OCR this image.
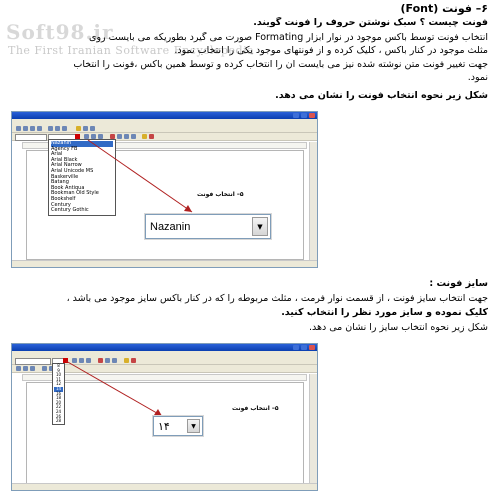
۶– فونت (Font)
Soft98.ir
The First Iranian Software Encyclopedia
فونت چیست ؟ سبک نوشتن حروف را فونت گویند.
انتخاب فونت توسط باکس موجود در نوار ابزار Formating صورت می گیرد بطوریکه می بایست روی
مثلث موجود در کنار باکس ، کلیک کرده و از فونتهای موجود یکی را انتخاب نمود.
جهت تغییر فونت متن نوشته شده نیز می بایست آن را انتخاب کرده و توسط همین باکس ،فونت را انتخاب
نمود.
شکل زیر نحوه انتخاب فونت را نشان می دهد.
۵– انتخاب فونت
Nazanin
Agency FB
Arial
Arial Black
Arial Narrow
Arial Unicode MS
Baskerville
Batang
Book Antiqua
Bookman Old Style
Bookshelf
Century
Century Gothic
Nazanin	▼
سایز فونت :
جهت انتخاب سایز فونت ، از قسمت نوار فرمت ، مثلث مربوطه را که در کنار باکس سایز موجود می باشد ،
کلیک نموده و سایز مورد نظر را انتخاب کنید.
شکل زیر نحوه انتخاب سایز را نشان می دهد.
۵– انتخاب فونت
8
9
10
11
12
14
16
18
20
22
24
26
28	۱۴	▼
